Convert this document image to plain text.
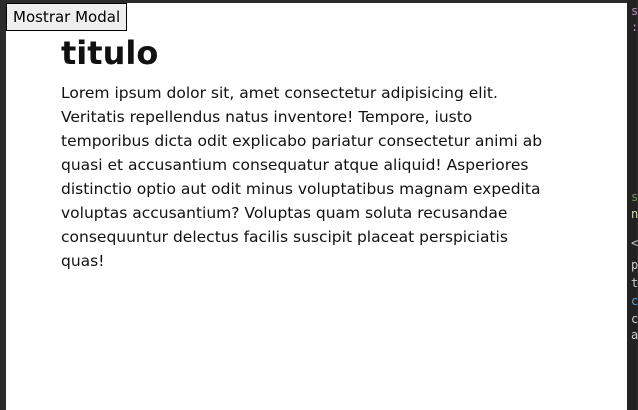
Mostrar Modal
titulo

Lorem ipsum dolor sit, amet consectetur adipisicing elit. Veritatis repellendus natus inventore! Tempore, iusto temporibus dicta odit explicabo pariatur consectetur animi ab quasi et accusantium consequatur atque aliquid! Asperiores distinctio optio aut odit minus voluptatibus magnam expedita voluptas accusantium? Voluptas quam soluta recusandae consequuntur delectus facilis suscipit placeat perspiciatis quas!

s
:
s
n
<
p
t
c
c
a
